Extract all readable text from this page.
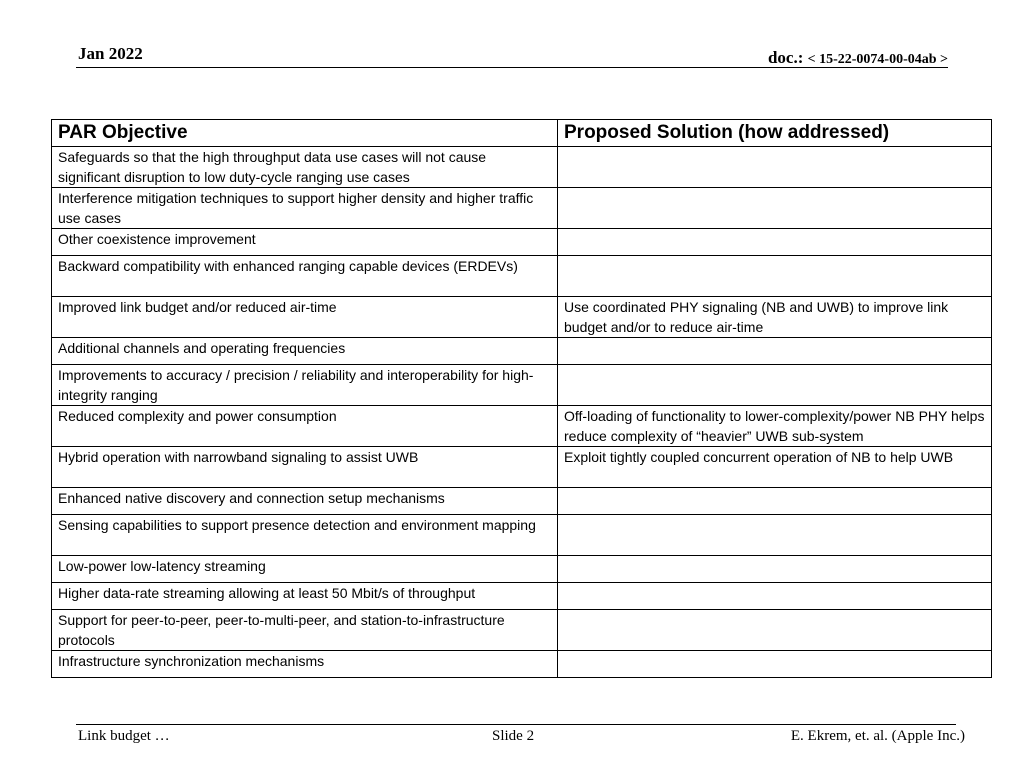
Jan 2022	doc.: < 15-22-0074-00-04ab >
PAR Objective	Proposed Solution (how addressed)
Safeguards so that the high throughput data use cases will not cause significant disruption to low duty-cycle ranging use cases	
Interference mitigation techniques to support higher density and higher traffic use cases	
Other coexistence improvement	
Backward compatibility with enhanced ranging capable devices (ERDEVs)	
Improved link budget and/or reduced air-time	Use coordinated PHY signaling (NB and UWB) to improve link budget and/or to reduce air-time
Additional channels and operating frequencies	
Improvements to accuracy / precision / reliability and interoperability for high-integrity ranging	
Reduced complexity and power consumption	Off-loading of functionality to lower-complexity/power NB PHY helps reduce complexity of “heavier” UWB sub-system
Hybrid operation with narrowband signaling to assist UWB	Exploit tightly coupled concurrent operation of NB to help UWB
Enhanced native discovery and connection setup mechanisms	
Sensing capabilities to support presence detection and environment mapping	
Low-power low-latency streaming	
Higher data-rate streaming allowing at least 50 Mbit/s of throughput	
Support for peer-to-peer, peer-to-multi-peer, and station-to-infrastructure protocols	
Infrastructure synchronization mechanisms	
Link budget …	Slide 2	E. Ekrem, et. al. (Apple Inc.)
